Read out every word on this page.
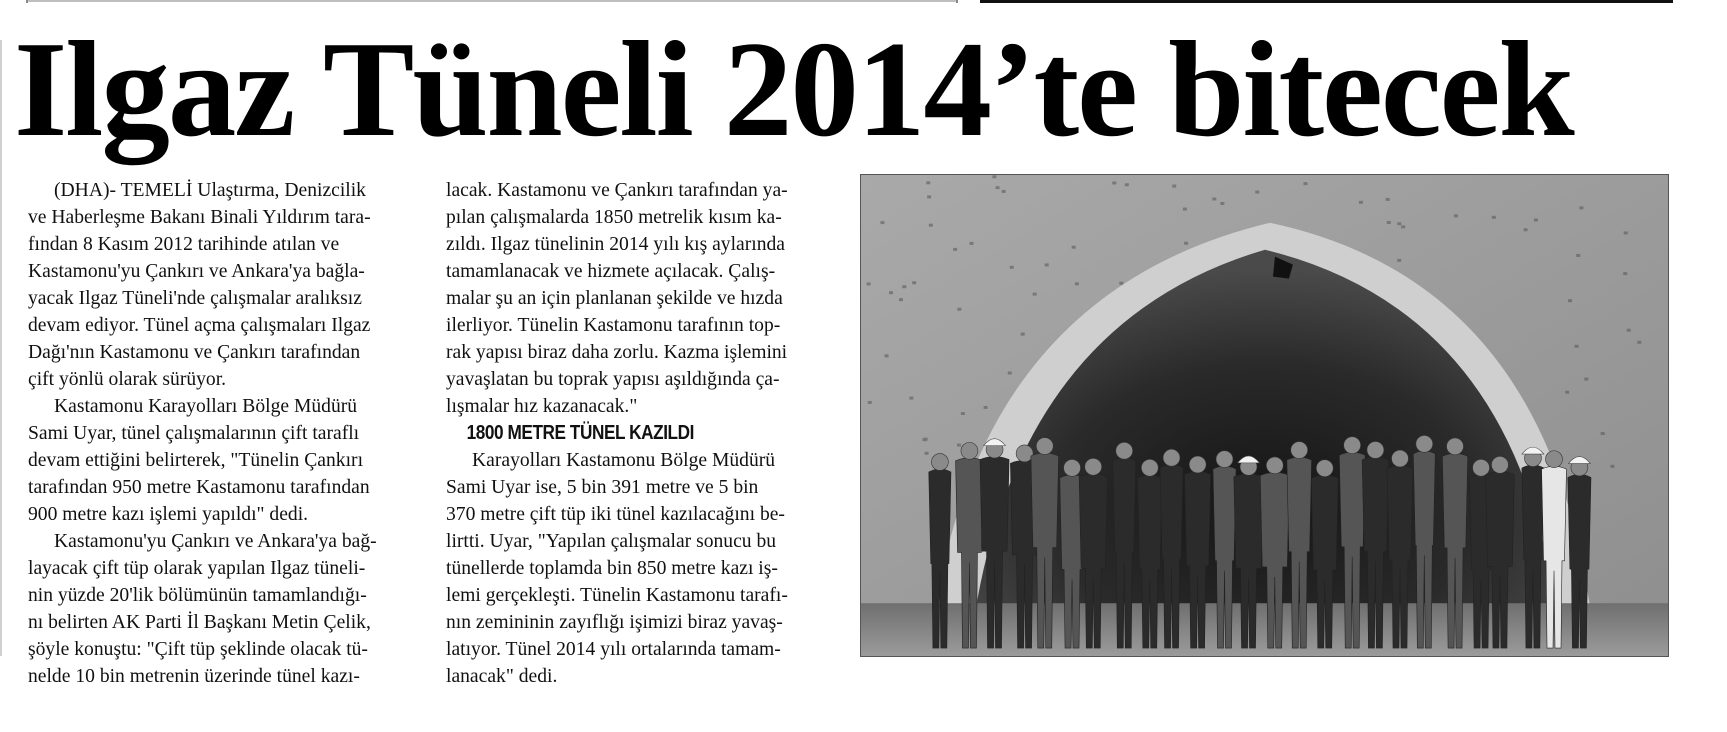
Ilgaz Tüneli 2014’te bitecek

(DHA)- TEMELİ Ulaştırma, Denizcilik

ve Haberleşme Bakanı Binali Yıldırım tara-

fından 8 Kasım 2012 tarihinde atılan ve

Kastamonu'yu Çankırı ve Ankara'ya bağla-

yacak Ilgaz Tüneli'nde çalışmalar aralıksız

devam ediyor. Tünel açma çalışmaları Ilgaz

Dağı'nın Kastamonu ve Çankırı tarafından

çift yönlü olarak sürüyor.

Kastamonu Karayolları Bölge Müdürü

Sami Uyar, tünel çalışmalarının çift taraflı

devam ettiğini belirterek, "Tünelin Çankırı

tarafından 950 metre Kastamonu tarafından

900 metre kazı işlemi yapıldı" dedi.

Kastamonu'yu Çankırı ve Ankara'ya bağ-

layacak çift tüp olarak yapılan Ilgaz tüneli-

nin yüzde 20'lik bölümünün tamamlandığı-

nı belirten AK Parti İl Başkanı Metin Çelik,

şöyle konuştu: "Çift tüp şeklinde olacak tü-

nelde 10 bin metrenin üzerinde tünel kazı-

lacak. Kastamonu ve Çankırı tarafından ya-

pılan çalışmalarda 1850 metrelik kısım ka-

zıldı. Ilgaz tünelinin 2014 yılı kış aylarında

tamamlanacak ve hizmete açılacak. Çalış-

malar şu an için planlanan şekilde ve hızda

ilerliyor. Tünelin Kastamonu tarafının top-

rak yapısı biraz daha zorlu. Kazma işlemini

yavaşlatan bu toprak yapısı aşıldığında ça-

lışmalar hız kazanacak."

1800 METRE TÜNEL KAZILDI

Karayolları Kastamonu Bölge Müdürü

Sami Uyar ise, 5 bin 391 metre ve 5 bin

370 metre çift tüp iki tünel kazılacağını be-

lirtti. Uyar, "Yapılan çalışmalar sonucu bu

tünellerde toplamda bin 850 metre kazı iş-

lemi gerçekleşti. Tünelin Kastamonu tarafı-

nın zemininin zayıflığı işimizi biraz yavaş-

latıyor. Tünel 2014 yılı ortalarında tamam-

lanacak" dedi.
